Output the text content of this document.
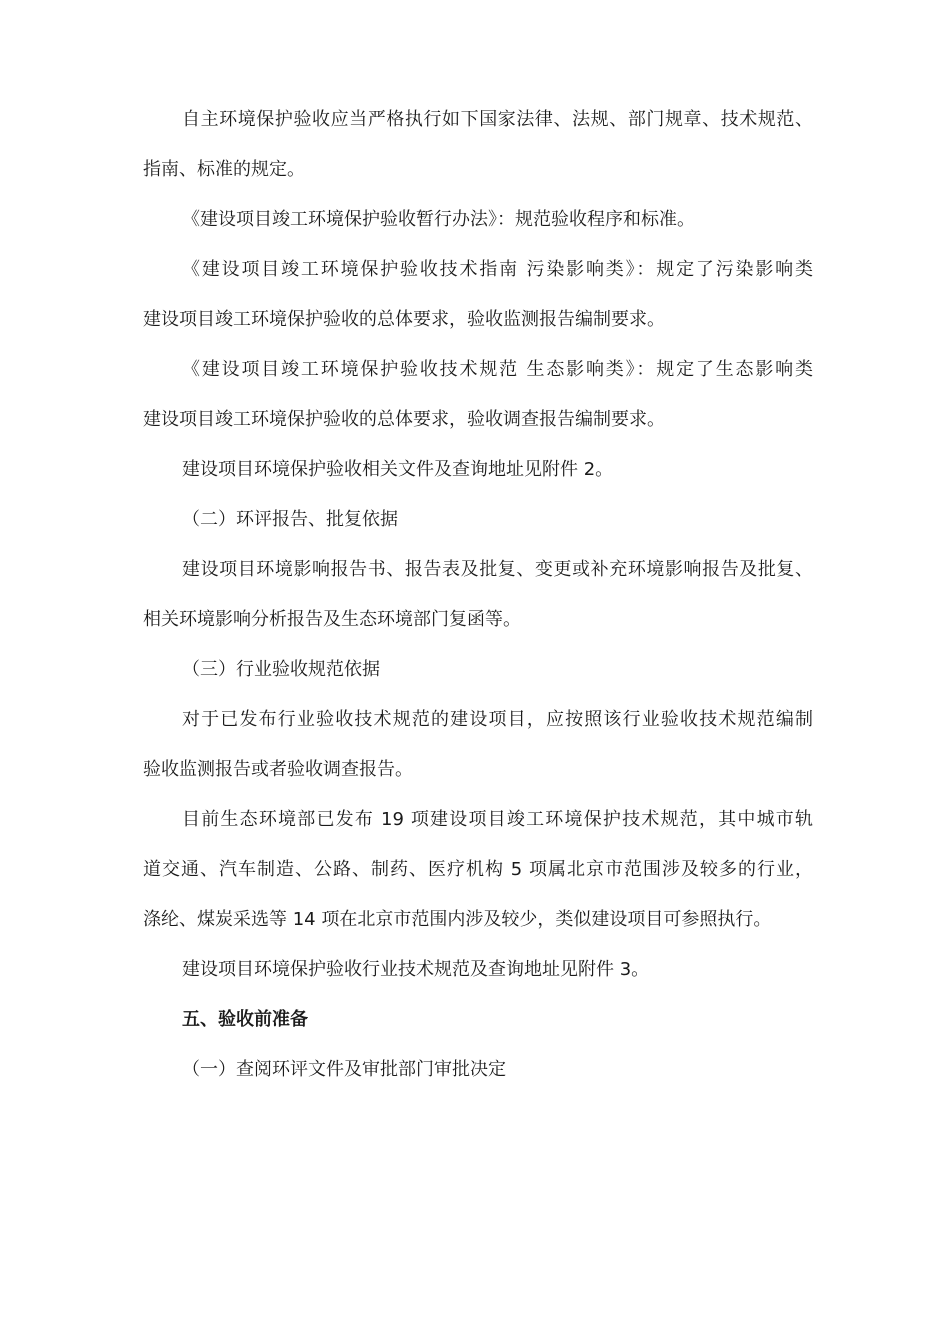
自主环境保护验收应当严格执行如下国家法律、法规、部门规章、技术规范、
指南、标准的规定。
《建设项目竣工环境保护验收暂行办法》：规范验收程序和标准。
《建设项目竣工环境保护验收技术指南 污染影响类》：规定了污染影响类
建设项目竣工环境保护验收的总体要求，验收监测报告编制要求。
《建设项目竣工环境保护验收技术规范 生态影响类》：规定了生态影响类
建设项目竣工环境保护验收的总体要求，验收调查报告编制要求。
建设项目环境保护验收相关文件及查询地址见附件 2。
（二）环评报告、批复依据
建设项目环境影响报告书、报告表及批复、变更或补充环境影响报告及批复、
相关环境影响分析报告及生态环境部门复函等。
（三）行业验收规范依据
对于已发布行业验收技术规范的建设项目，应按照该行业验收技术规范编制
验收监测报告或者验收调查报告。
目前生态环境部已发布 19 项建设项目竣工环境保护技术规范，其中城市轨
道交通、汽车制造、公路、制药、医疗机构 5 项属北京市范围涉及较多的行业，
涤纶、煤炭采选等 14 项在北京市范围内涉及较少，类似建设项目可参照执行。
建设项目环境保护验收行业技术规范及查询地址见附件 3。
五、验收前准备
（一）查阅环评文件及审批部门审批决定
